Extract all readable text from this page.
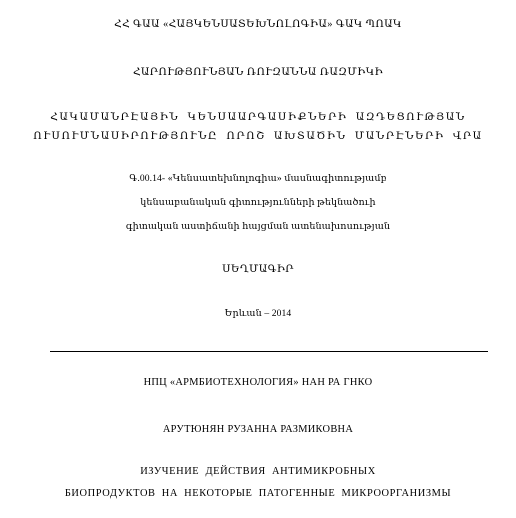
ՀՀ ԳԱԱ «ՀԱՅԿԵՆՍԱՏԵԽՆՈԼՈԳԻԱ» ԳԱԿ ՊՈԱԿ
ՀԱՐՈՒԹՅՈՒՆՅԱՆ ՌՈՒԶԱՆՆԱ ՌԱԶՄԻԿԻ
ՀԱԿԱՄԱՆՐԷԱՅԻՆ ԿԵՆՍԱԱՐԳԱՍԻՔՆԵՐԻ ԱԶԴԵՑՈՒԹՅԱՆ
ՈՒՍՈՒՄՆԱՍԻՐՈՒԹՅՈՒՆԸ ՈՐՈՇ ԱԽՏԱԾԻՆ ՄԱՆՐԷՆԵՐԻ ՎՐԱ
Գ.00.14- «Կենսատեխնոլոգիա» մասնագիտությամբ
կենսաբանական գիտությունների թեկնածուի
գիտական աստիճանի հայցման ատենախոսության
ՍԵՂՄԱԳԻՐ
Երևան – 2014
НПЦ «АРМБИОТЕХНОЛОГИЯ» НАН РА ГНКО
АРУТЮНЯН РУЗАННА РАЗМИКОВНА
ИЗУЧЕНИЕ ДЕЙСТВИЯ АНТИМИКРОБНЫХ
БИОПРОДУКТОВ НА НЕКОТОРЫЕ ПАТОГЕННЫЕ МИКРООРГАНИЗМЫ
